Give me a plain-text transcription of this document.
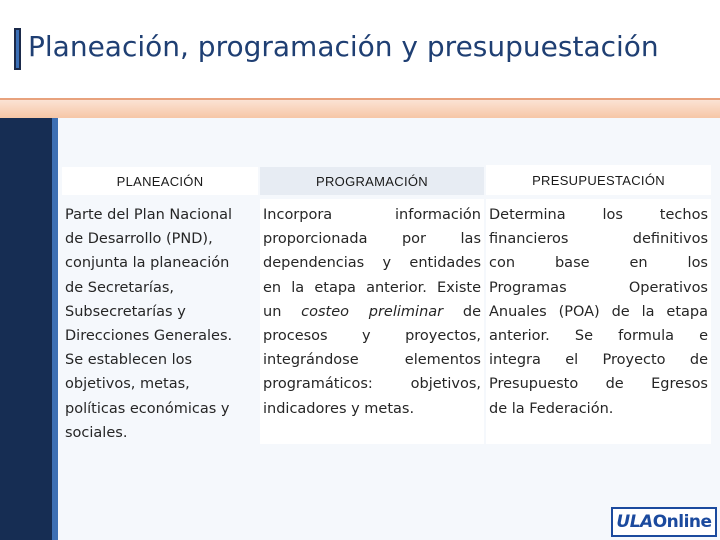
Planeación, programación y presupuestación
PLANEACIÓN	PROGRAMACIÓN	PRESUPUESTACIÓN
Parte del Plan Nacional
de Desarrollo (PND),
conjunta la planeación
de Secretarías,
Subsecretarías y
Direcciones Generales.
Se establecen los
objetivos, metas,
políticas económicas y
sociales.
Incorpora información
proporcionada por las
dependencias y entidades
en la etapa anterior. Existe
un costeo preliminar de
procesos y proyectos,
integrándose elementos
programáticos: objetivos,
indicadores y metas.
Determina los techos
financieros definitivos
con base en los
Programas Operativos
Anuales (POA) de la etapa
anterior. Se formula e
integra el Proyecto de
Presupuesto de Egresos
de la Federación.
ULA Online
